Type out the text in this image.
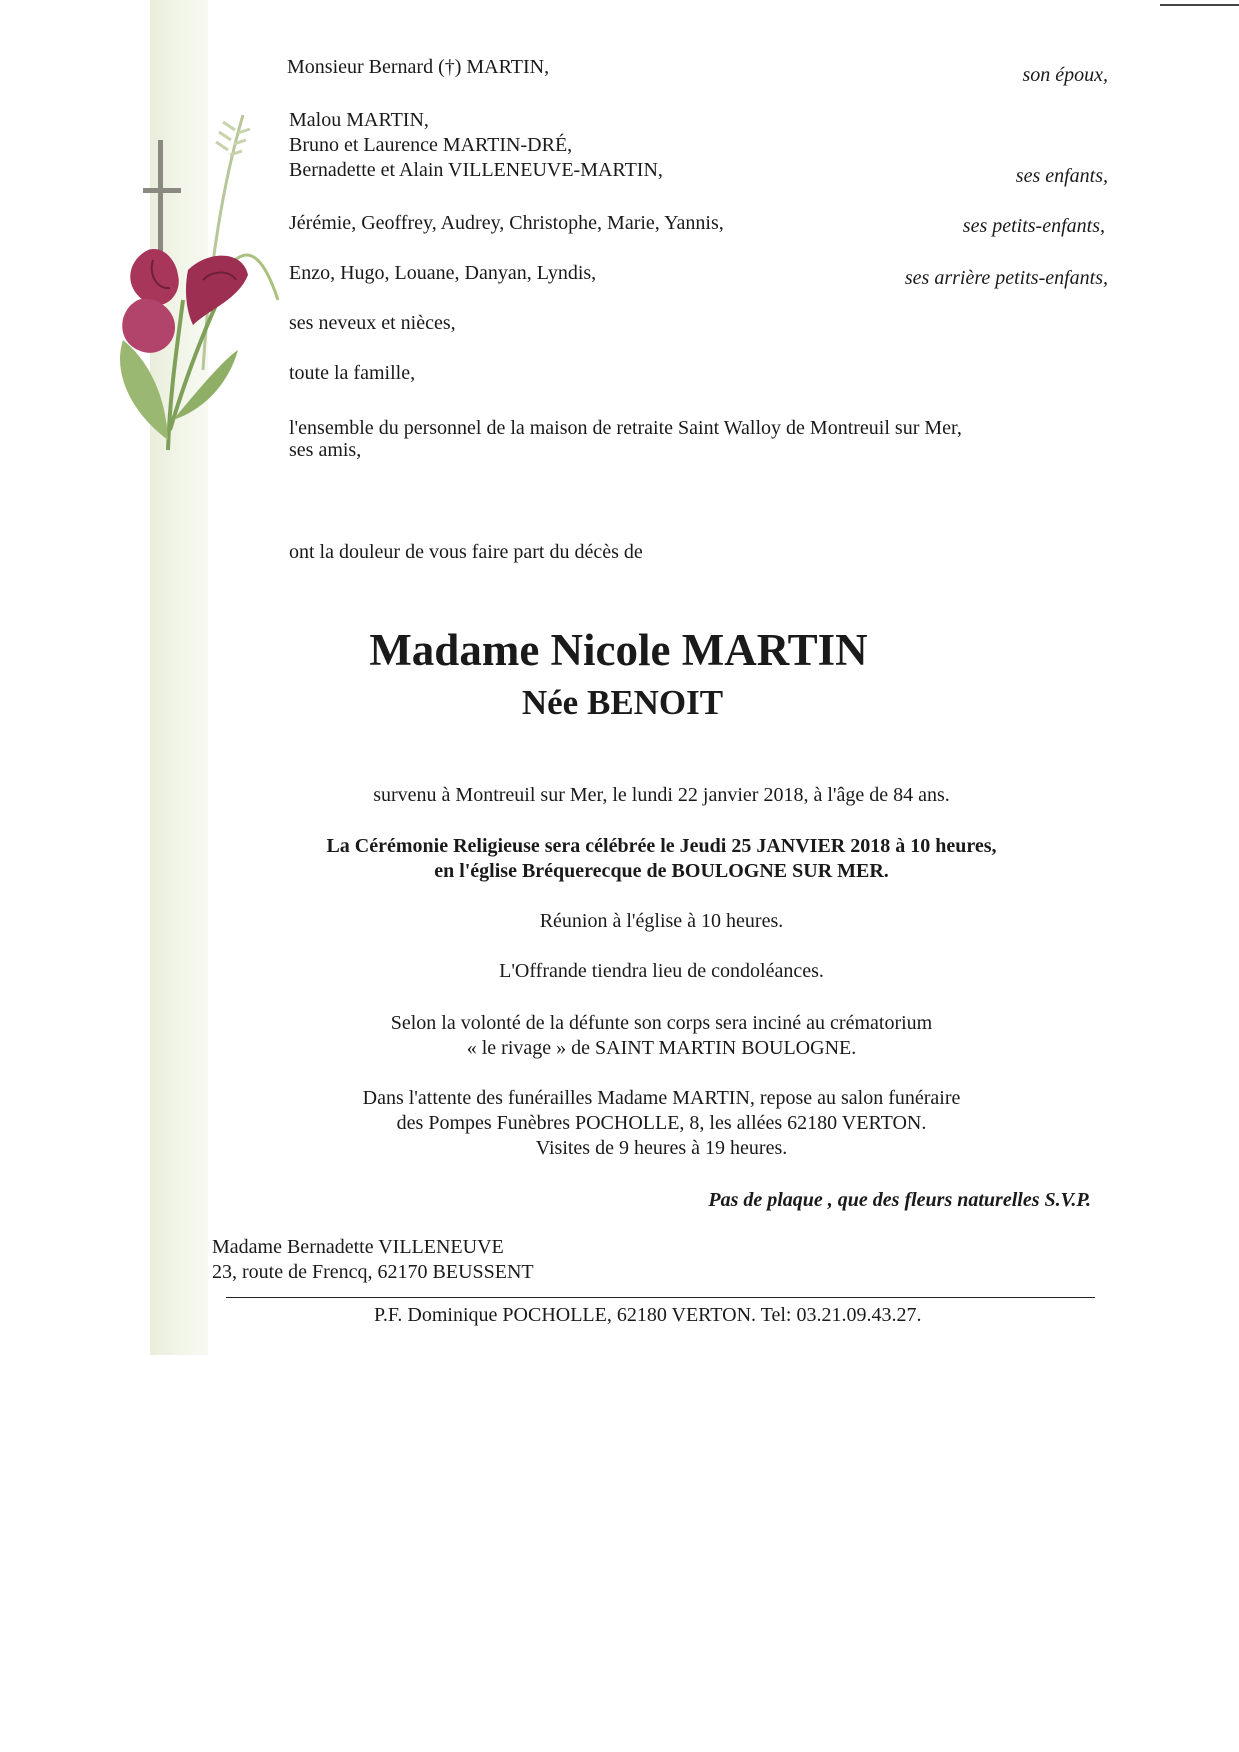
Monsieur Bernard (†) MARTIN,	son époux,
Malou MARTIN,
Bruno et Laurence MARTIN-DRÉ,
Bernadette et Alain VILLENEUVE-MARTIN,	ses enfants,
Jérémie, Geoffrey, Audrey, Christophe, Marie, Yannis,	ses petits-enfants,
Enzo, Hugo, Louane, Danyan, Lyndis,	ses arrière petits-enfants,
ses neveux et nièces,
toute la famille,
l'ensemble du personnel de la maison de retraite Saint Walloy de Montreuil sur Mer,
ses amis,
ont la douleur de vous faire part du décès de
Madame Nicole MARTIN
Née BENOIT
survenu à Montreuil sur Mer, le lundi 22 janvier 2018, à l'âge de 84 ans.
La Cérémonie Religieuse sera célébrée le Jeudi 25 JANVIER 2018 à 10 heures,
en l'église Bréquerecque de BOULOGNE SUR MER.
Réunion à l'église à 10 heures.
L'Offrande tiendra lieu de condoléances.
Selon la volonté de la défunte son corps sera inciné au crématorium
« le rivage » de SAINT MARTIN BOULOGNE.
Dans l'attente des funérailles Madame MARTIN, repose au salon funéraire
des Pompes Funèbres POCHOLLE, 8, les allées 62180 VERTON.
Visites de 9 heures à 19 heures.
Pas de plaque , que des fleurs naturelles S.V.P.
Madame Bernadette VILLENEUVE
23, route de Frencq, 62170 BEUSSENT
P.F. Dominique POCHOLLE, 62180 VERTON. Tel: 03.21.09.43.27.
